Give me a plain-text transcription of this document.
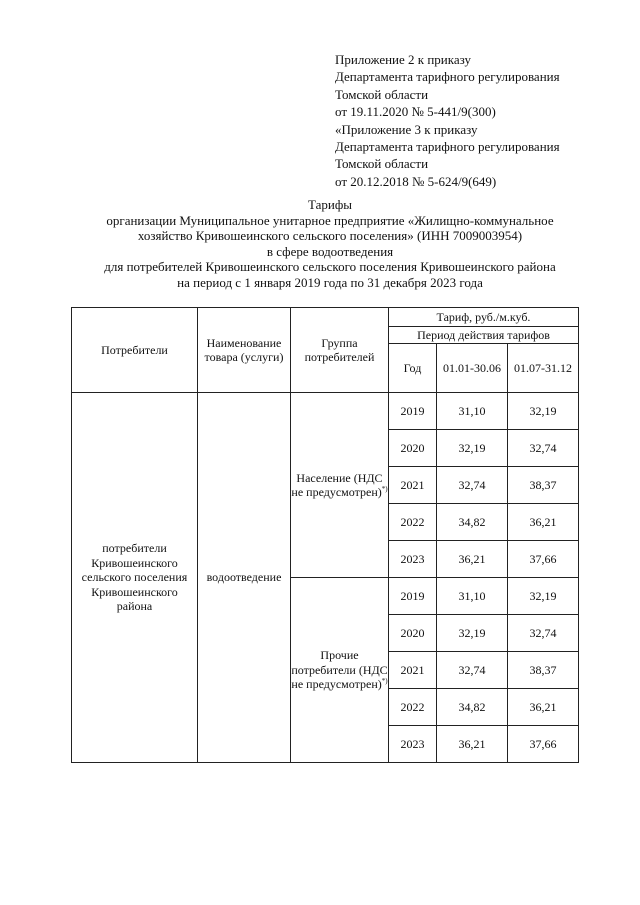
Приложение 2 к приказу
Департамента тарифного регулирования
Томской области
от 19.11.2020 № 5-441/9(300)
«Приложение 3 к приказу
Департамента тарифного регулирования
Томской области
от 20.12.2018 № 5-624/9(649)
Тарифы
организации Муниципальное унитарное предприятие «Жилищно-коммунальное
хозяйство Кривошеинского сельского поселения» (ИНН 7009003954)
в сфере водоотведения
для потребителей Кривошеинского сельского поселения Кривошеинского района
на период с 1 января 2019 года по 31 декабря 2023 года
Потребители	Наименование товара (услуги)	Группа потребителей	Тариф, руб./м.куб.		
			Период действия тарифов		
			Год	01.01-30.06	01.07-31.12
потребители Кривошеинского сельского поселения Кривошеинского района	водоотведение	Население (НДС не предусмотрен)*)	2019	31,10	32,19
			2020	32,19	32,74
			2021	32,74	38,37
			2022	34,82	36,21
			2023	36,21	37,66
		Прочие потребители (НДС не предусмотрен)*)	2019	31,10	32,19
			2020	32,19	32,74
			2021	32,74	38,37
			2022	34,82	36,21
			2023	36,21	37,66
